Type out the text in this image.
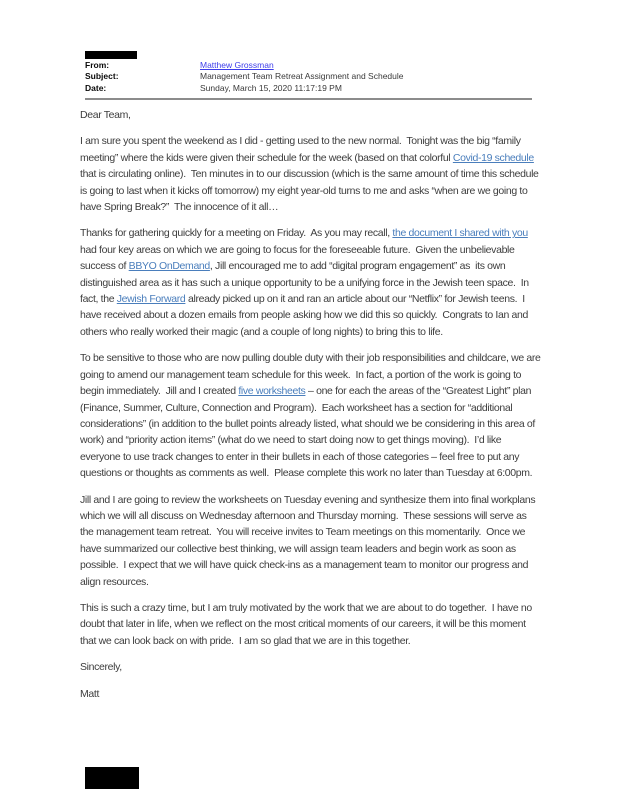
From:	Matthew Grossman
Subject:	Management Team Retreat Assignment and Schedule
Date:	Sunday, March 15, 2020 11:17:19 PM

Dear Team,

I am sure you spent the weekend as I did - getting used to the new normal.  Tonight was the big “family meeting” where the kids were given their schedule for the week (based on that colorful Covid-19 schedule that is circulating online).  Ten minutes in to our discussion (which is the same amount of time this schedule is going to last when it kicks off tomorrow) my eight year-old turns to me and asks “when are we going to have Spring Break?”  The innocence of it all…

Thanks for gathering quickly for a meeting on Friday.  As you may recall, the document I shared with you had four key areas on which we are going to focus for the foreseeable future.  Given the unbelievable success of BBYO OnDemand, Jill encouraged me to add “digital program engagement” as  its own distinguished area as it has such a unique opportunity to be a unifying force in the Jewish teen space.  In fact, the Jewish Forward already picked up on it and ran an article about our “Netflix” for Jewish teens.  I have received about a dozen emails from people asking how we did this so quickly.  Congrats to Ian and others who really worked their magic (and a couple of long nights) to bring this to life.

To be sensitive to those who are now pulling double duty with their job responsibilities and childcare, we are going to amend our management team schedule for this week.  In fact, a portion of the work is going to begin immediately.  Jill and I created five worksheets – one for each the areas of the “Greatest Light” plan (Finance, Summer, Culture, Connection and Program).  Each worksheet has a section for “additional considerations” (in addition to the bullet points already listed, what should we be considering in this area of work) and “priority action items” (what do we need to start doing now to get things moving).  I’d like everyone to use track changes to enter in their bullets in each of those categories – feel free to put any questions or thoughts as comments as well.  Please complete this work no later than Tuesday at 6:00pm.

Jill and I are going to review the worksheets on Tuesday evening and synthesize them into final workplans which we will all discuss on Wednesday afternoon and Thursday morning.  These sessions will serve as the management team retreat.  You will receive invites to Team meetings on this momentarily.  Once we have summarized our collective best thinking, we will assign team leaders and begin work as soon as possible.  I expect that we will have quick check-ins as a management team to monitor our progress and align resources.

This is such a crazy time, but I am truly motivated by the work that we are about to do together.  I have no doubt that later in life, when we reflect on the most critical moments of our careers, it will be this moment that we can look back on with pride.  I am so glad that we are in this together.

Sincerely,

Matt
